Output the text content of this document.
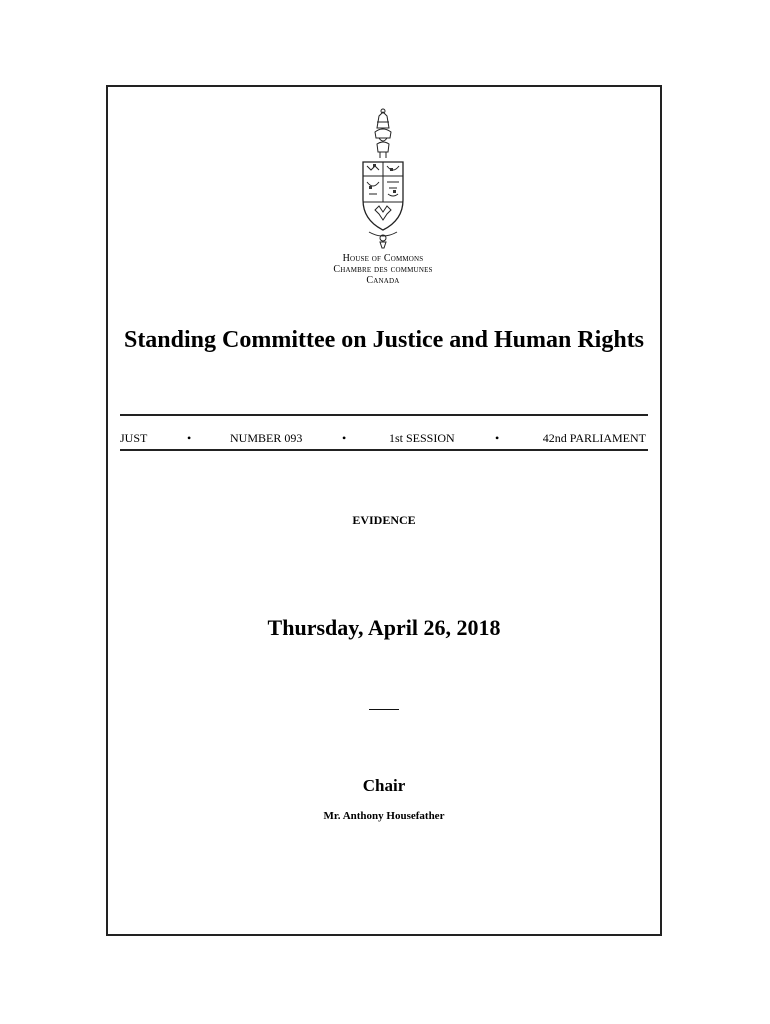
House of Commons
Chambre des communes
Canada
Standing Committee on Justice and Human Rights
JUST	•	NUMBER 093	•	1st SESSION	•	42nd PARLIAMENT
EVIDENCE
Thursday, April 26, 2018
Chair
Mr. Anthony Housefather
